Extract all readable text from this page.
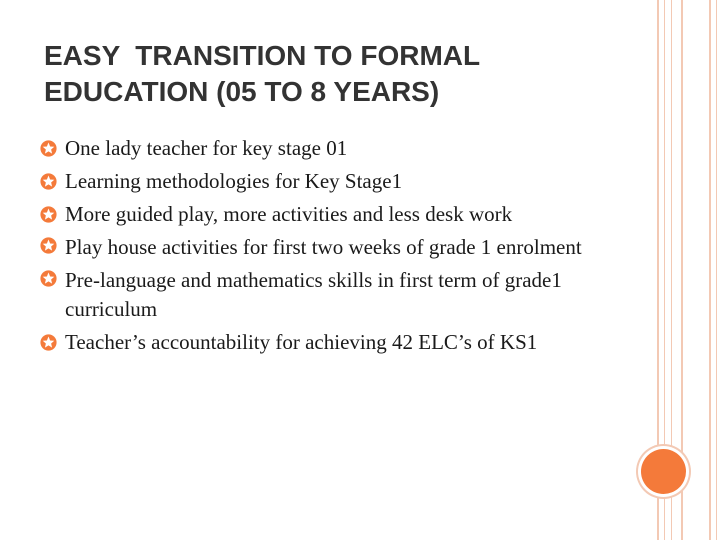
EASY  TRANSITION TO FORMAL EDUCATION (05 TO 8 YEARS)
One lady teacher for key stage 01
Learning methodologies for Key Stage1
More guided play, more activities and less desk work
Play house activities for first two weeks of grade 1 enrolment
Pre-language and mathematics skills in first term of grade1 curriculum
Teacher’s accountability for achieving 42 ELC’s of KS1
